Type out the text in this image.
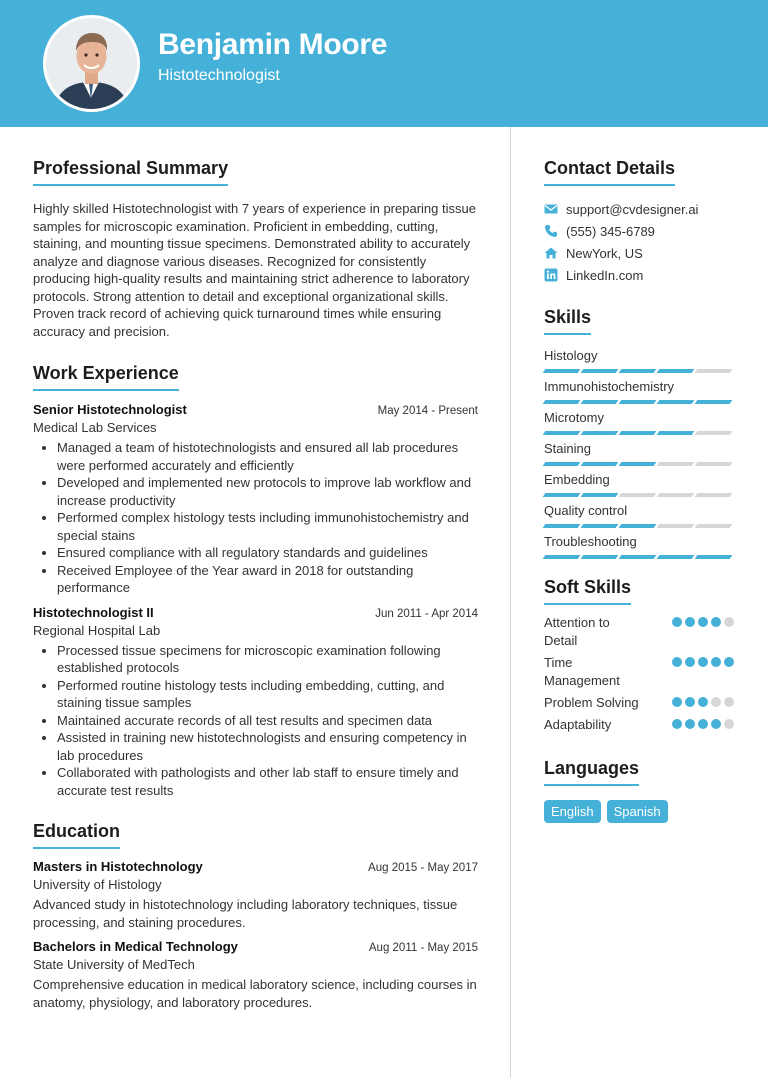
Benjamin Moore
Histotechnologist
Professional Summary

Highly skilled Histotechnologist with 7 years of experience in preparing tissue samples for microscopic examination. Proficient in embedding, cutting, staining, and mounting tissue specimens. Demonstrated ability to accurately analyze and diagnose various diseases. Recognized for consistently producing high-quality results and maintaining strict adherence to laboratory protocols. Strong attention to detail and exceptional organizational skills. Proven track record of achieving quick turnaround times while ensuring accuracy and precision.

Work Experience
Senior Histotechnologist	May 2014 - Present
Medical Lab Services
• Managed a team of histotechnologists and ensured all lab procedures were performed accurately and efficiently
• Developed and implemented new protocols to improve lab workflow and increase productivity
• Performed complex histology tests including immunohistochemistry and special stains
• Ensured compliance with all regulatory standards and guidelines
• Received Employee of the Year award in 2018 for outstanding performance
Histotechnologist II	Jun 2011 - Apr 2014
Regional Hospital Lab
• Processed tissue specimens for microscopic examination following established protocols
• Performed routine histology tests including embedding, cutting, and staining tissue samples
• Maintained accurate records of all test results and specimen data
• Assisted in training new histotechnologists and ensuring competency in lab procedures
• Collaborated with pathologists and other lab staff to ensure timely and accurate test results
Education
Masters in Histotechnology	Aug 2015 - May 2017
University of Histology

Advanced study in histotechnology including laboratory techniques, tissue processing, and staining procedures.

Bachelors in Medical Technology	Aug 2011 - May 2015
State University of MedTech

Comprehensive education in medical laboratory science, including courses in anatomy, physiology, and laboratory procedures.

Contact Details
support@cvdesigner.ai
(555) 345-6789
NewYork, US
LinkedIn.com
Skills
Histology
Immunohistochemistry
Microtomy
Staining
Embedding
Quality control
Troubleshooting
Soft Skills
Attention to
Detail
Time
Management
Problem Solving
Adaptability
Languages
English	Spanish
